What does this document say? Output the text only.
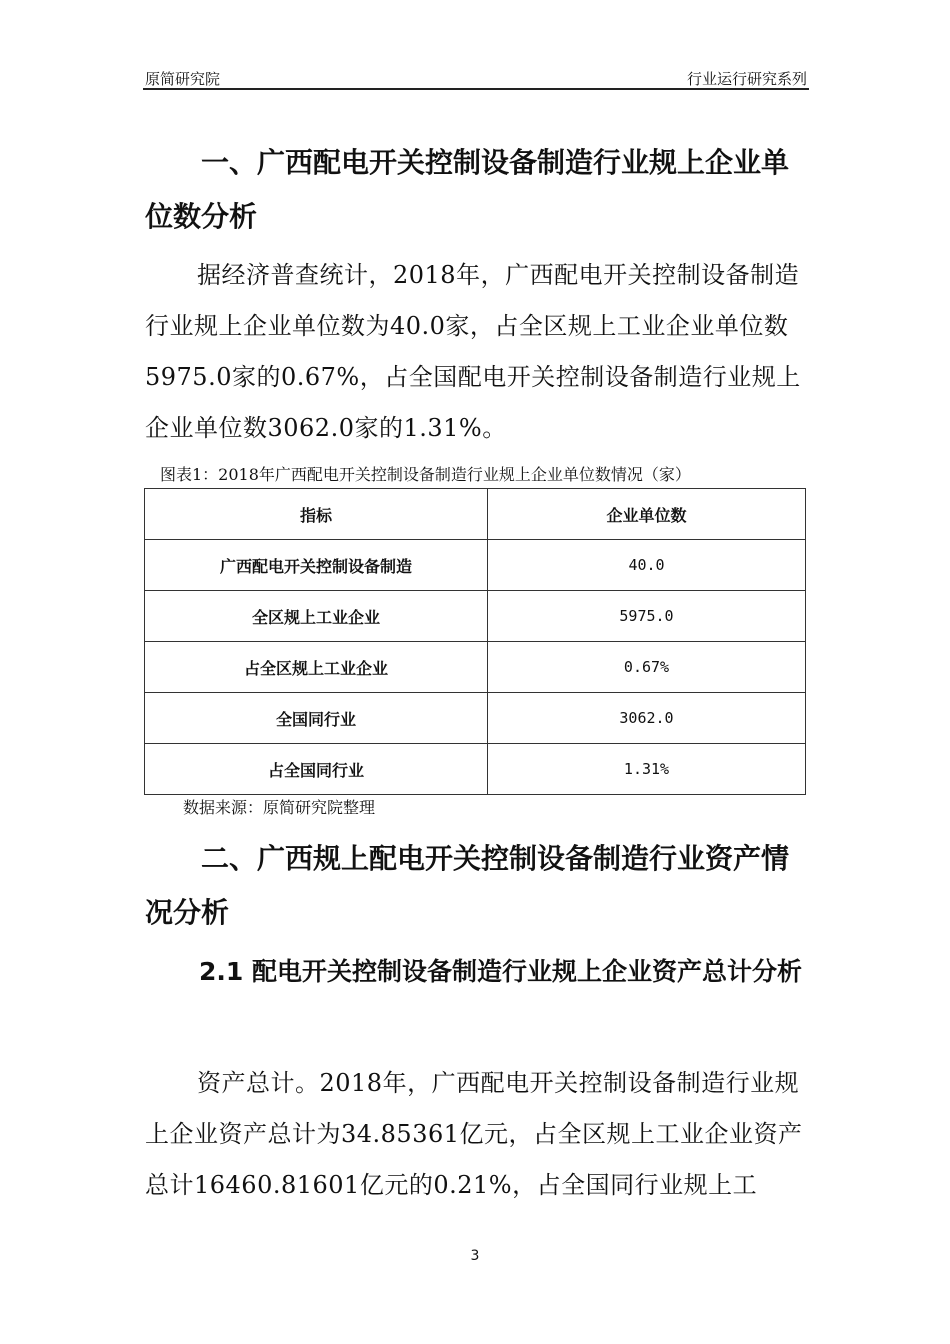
原简研究院	行业运行研究系列
一、广西配电开关控制设备制造行业规上企业单位数分析

据经济普查统计，2018年，广西配电开关控制设备制造行业规上企业单位数为40.0家，占全区规上工业企业单位数5975.0家的0.67%，占全国配电开关控制设备制造行业规上企业单位数3062.0家的1.31%。

图表1：2018年广西配电开关控制设备制造行业规上企业单位数情况（家）
指标	企业单位数
广西配电开关控制设备制造	40.0
全区规上工业企业	5975.0
占全区规上工业企业	0.67%
全国同行业	3062.0
占全国同行业	1.31%
数据来源：原简研究院整理
二、广西规上配电开关控制设备制造行业资产情况分析
2.1 配电开关控制设备制造行业规上企业资产总计分析

资产总计。2018年，广西配电开关控制设备制造行业规上企业资产总计为34.85361亿元，占全区规上工业企业资产总计16460.81601亿元的0.21%，占全国同行业规上工

3
